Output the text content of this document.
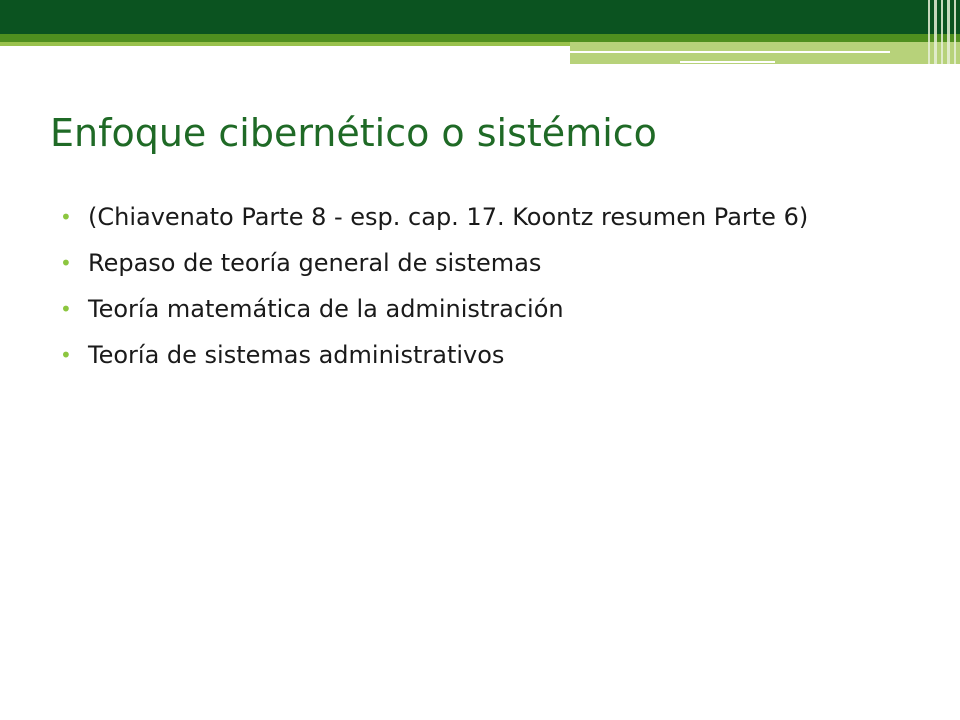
Enfoque cibernético o sistémico
• (Chiavenato Parte 8 - esp. cap. 17. Koontz resumen Parte 6)
• Repaso de teoría general de sistemas
• Teoría matemática de la administración
• Teoría de sistemas administrativos
